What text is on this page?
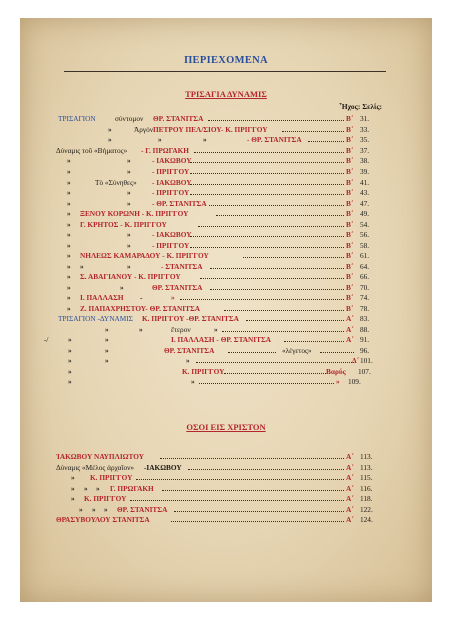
ΠΕΡΙΕΧΟΜΕΝΑ
ΤΡΙΣΑΓΙΑ ΔΥΝΑΜΙΣ
Ἦχος: Σελίς:
ΤΡΙΣΑΓΙΟΝ	σύντομον ΘΡ. ΣΤΑΝΙΤΣΑ	Β΄ 31.
»	Ἀργόν ΠΕΤΡΟΥ ΠΕΛ/ΣΙΟΥ- Κ. ΠΡΙΓΓΟΥ	Β΄ 33.
»	»	»	- ΘΡ. ΣΤΑΝΙΤΣΑ	Β΄ 35.
Δύναμις τοῦ «Βήματος» - Γ. ΠΡΩΓΑΚΗ	Β΄ 37.
»	»	- ΙΑΚΩΒΟΥ	Β΄ 38.
»	»	- ΠΡΙΓΓΟΥ	Β΄ 39.
»	Τὸ «Σύνηθες» - ΙΑΚΩΒΟΥ	Β΄ 41.
»	»	- ΠΡΙΓΓΟΥ	Β΄ 43.
»	»	- ΘΡ. ΣΤΑΝΙΤΣΑ	Β΄ 47.
» ΞΕΝΟΥ ΚΟΡΩΝΗ - Κ. ΠΡΙΓΓΟΥ	Β΄ 49.
» Γ. ΚΡΗΤΟΣ - Κ. ΠΡΙΓΓΟΥ	Β΄ 54.
»	»	- ΙΑΚΩΒΟΥ	Β΄ 56.
»	»	- ΠΡΙΓΓΟΥ	Β΄ 58.
» ΝΗΛΕΩΣ ΚΑΜΑΡΑΔΟΥ - Κ. ΠΡΙΓΓΟΥ	Β΄ 61.
» »	»	- ΣΤΑΝΙΤΣΑ	Β΄ 64.
» Σ. ΑΒΑΓΙΑΝΟΥ - Κ. ΠΡΙΓΓΟΥ	Β΄ 66.
»	»	ΘΡ. ΣΤΑΝΙΤΣΑ	Β΄ 70.
» Ι. ΠΑΛΛΑΣΗ -	»	Β΄ 74.
» Ζ. ΠΑΠΑΧΡΗΣΤΟΥ- ΘΡ. ΣΤΑΝΙΤΣΑ	Β΄ 78.
ΤΡΙΣΑΓΙΟΝ -ΔΥΝΑΜΙΣ Κ. ΠΡΙΓΓΟΥ -ΘΡ. ΣΤΑΝΙΤΣΑ	Α΄ 83.
»	»	ἕτερον	»	Α΄ 88.
-/	»	»	Ι. ΠΑΛΛΑΣΗ - ΘΡ. ΣΤΑΝΙΤΣΑ	Α΄ 91.
»	»	ΘΡ. ΣΤΑΝΙΤΣΑ	«λέγετος»	96.
»	»	»	Δ΄ 101.
»	Κ. ΠΡΙΓΓΟΥ	Βαρύς 107.
»	»	» 109.
ΟΣΟΙ ΕΙΣ ΧΡΙΣΤΟΝ
ἸΑΚΩΒΟΥ ΝΑΥΠΛΙΩΤΟΥ	Α΄ 113.
Δύναμις «Μέλος ἀρχαῖον» -ΙΑΚΩΒΟΥ	Α΄ 113.
» Κ. ΠΡΙΓΓΟΥ	Α΄ 115.
» » » Γ. ΠΡΩΓΑΚΗ	Α΄ 116.
» Κ. ΠΡΙΓΓΟΥ	Α΄ 118.
» » » ΘΡ. ΣΤΑΝΙΤΣΑ	Α΄ 122.
ΘΡΑΣΥΒΟΥΛΟΥ ΣΤΑΝΙΤΣΑ	Α΄ 124.
